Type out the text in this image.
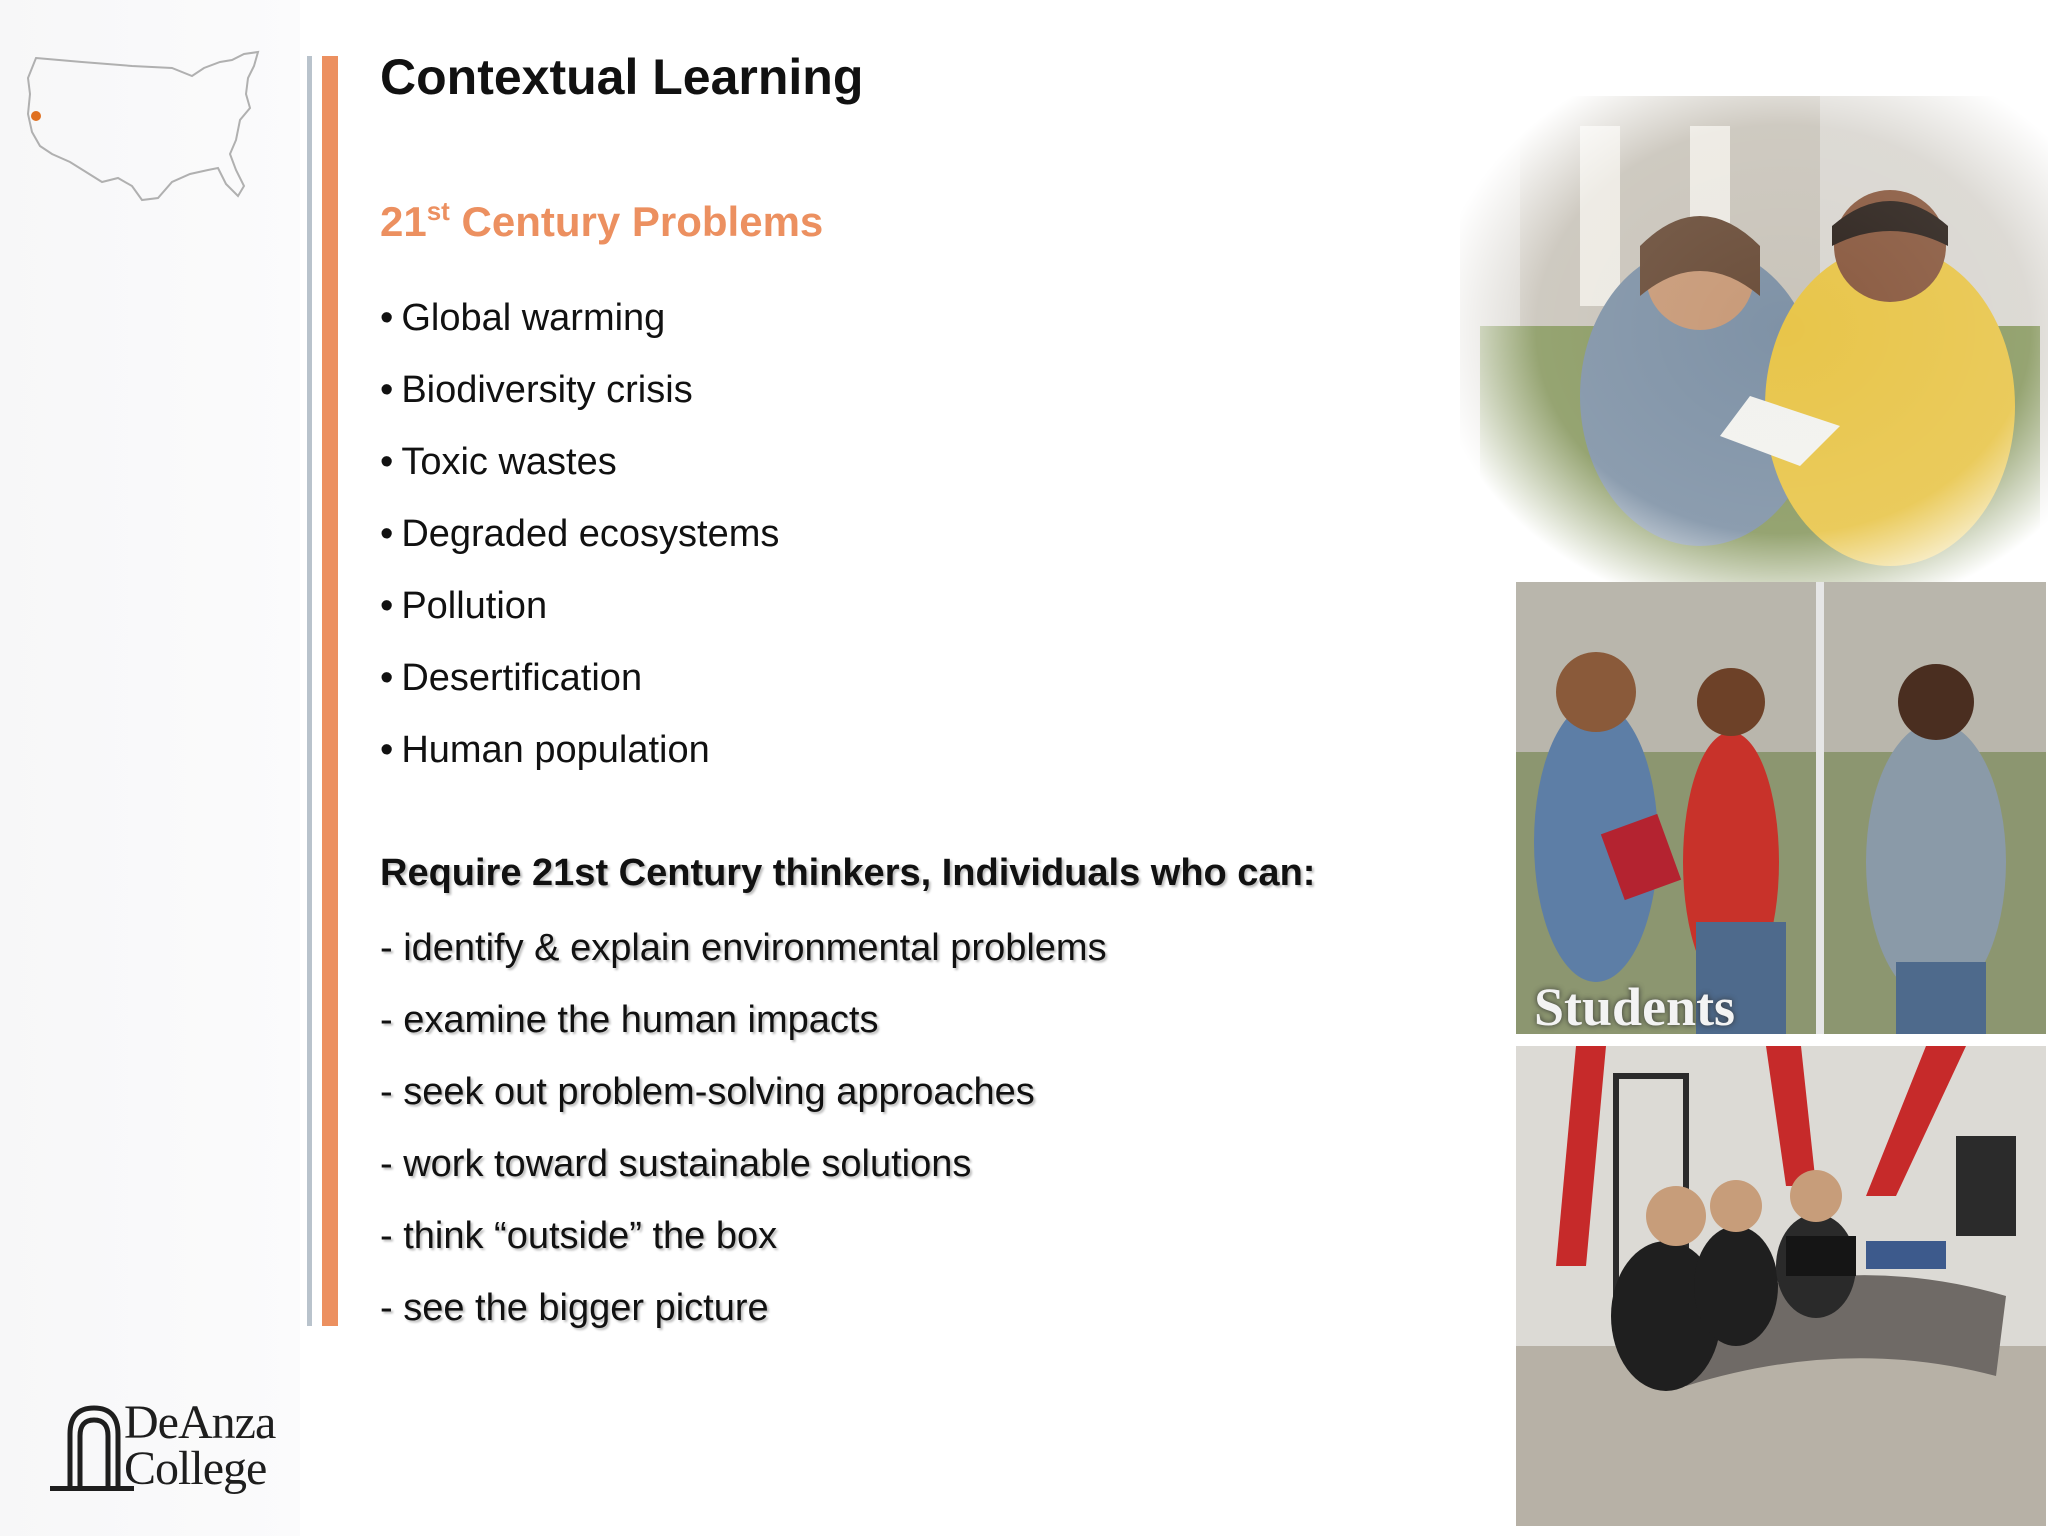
Contextual Learning
21st Century Problems
• Global warming
• Biodiversity crisis
• Toxic wastes
• Degraded ecosystems
• Pollution
• Desertification
• Human population

Require 21st Century thinkers, Individuals who can:

- identify & explain environmental problems
- examine the human impacts
- seek out problem-solving approaches
- work toward sustainable solutions
- think “outside” the box
- see the bigger picture
DeAnza
College
Students
